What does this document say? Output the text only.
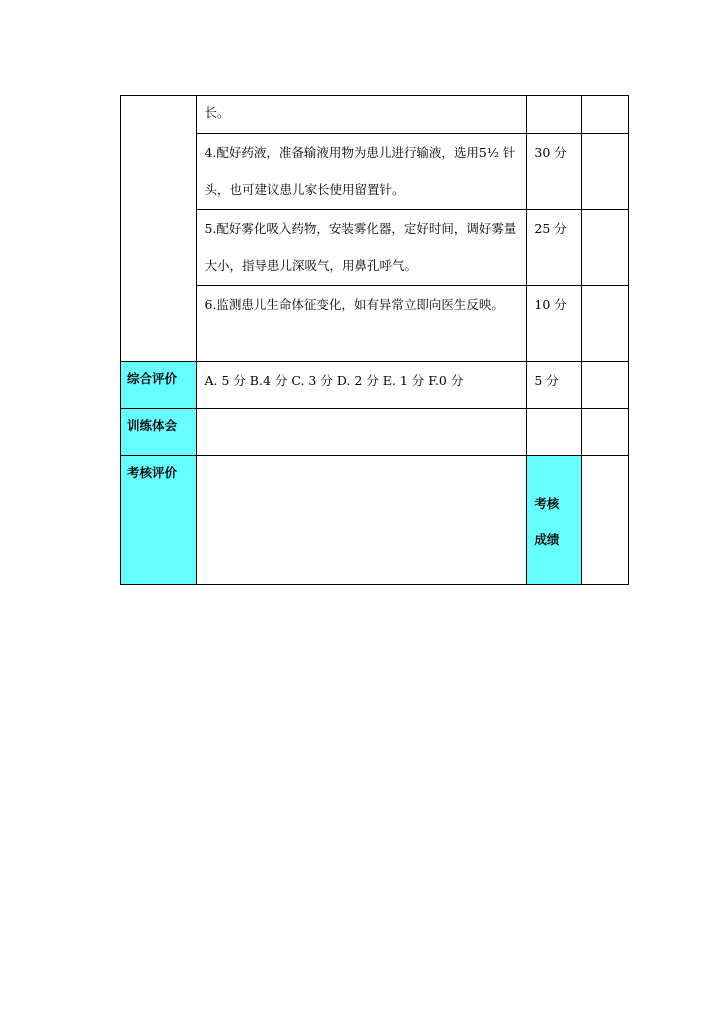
	长。		

	4.配好药液，准备输液用物为患儿进行输液，选用5½ 针头，也可建议患儿家长使用留置针。	30 分	

	5.配好雾化吸入药物，安装雾化器，定好时间，调好雾量大小，指导患儿深吸气，用鼻孔呼气。	25 分	

	6.监测患儿生命体征变化，如有异常立即向医生反映。	10 分	

综合评价	A. 5 分 B.4 分 C. 3 分 D. 2 分 E. 1 分 F.0 分	5 分	

训练体会			

考核评价		考核
成绩	
